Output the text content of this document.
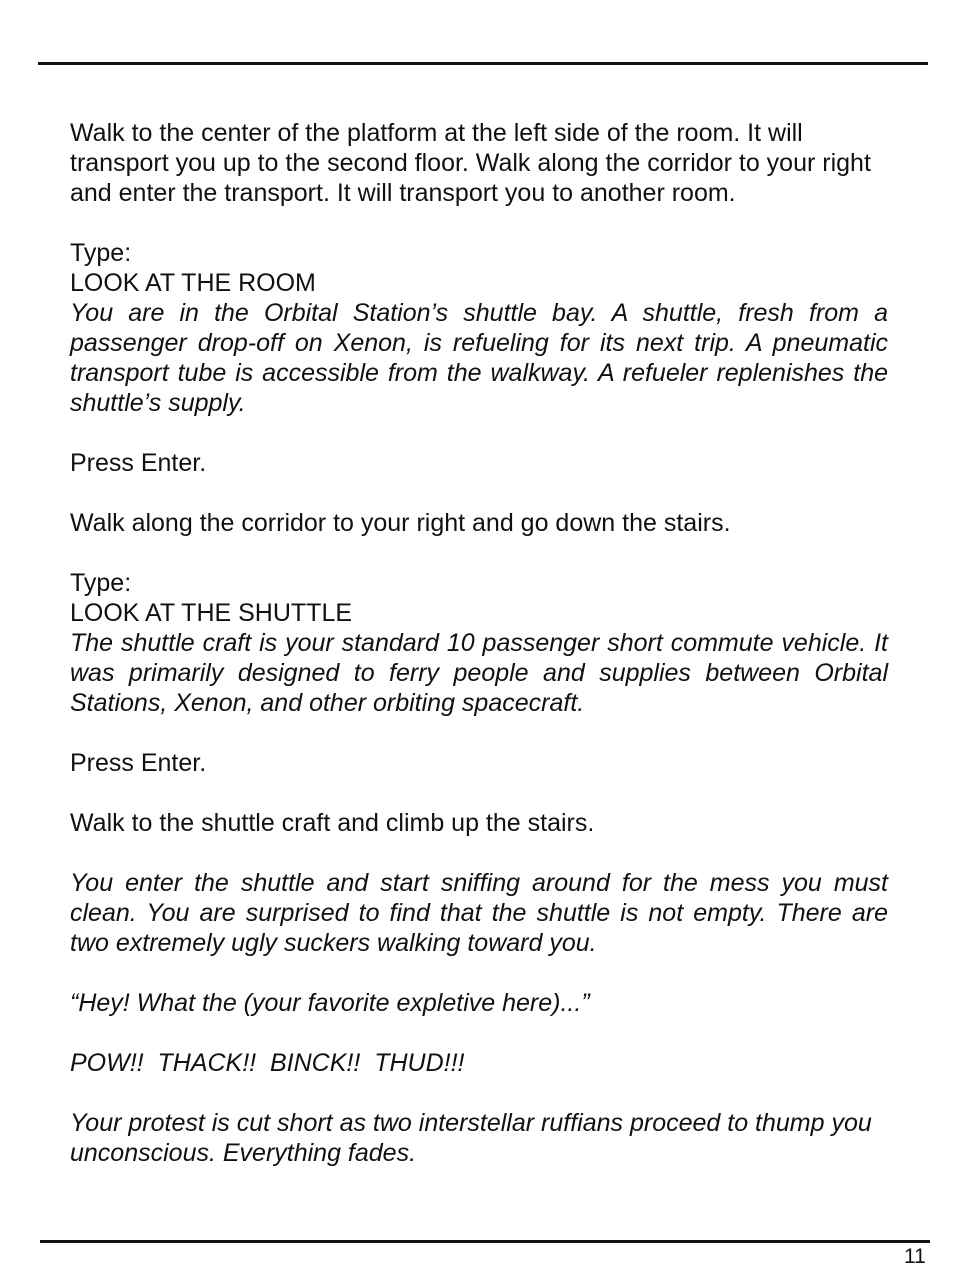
Walk to the center of the platform at the left side of the room. It will transport you up to the second floor. Walk along the corridor to your right and enter the transport. It will transport you to another room.

Type:

LOOK AT THE ROOM

You are in the Orbital Station’s shuttle bay. A shuttle, fresh from a passenger drop-off on Xenon, is refueling for its next trip. A pneumatic transport tube is accessible from the walkway. A refueler replenishes the shuttle’s supply.

Press Enter.

Walk along the corridor to your right and go down the stairs.

Type:

LOOK AT THE SHUTTLE

The shuttle craft is your standard 10 passenger short commute vehicle. It was primarily designed to ferry people and supplies between Orbital Stations, Xenon, and other orbiting spacecraft.

Press Enter.

Walk to the shuttle craft and climb up the stairs.

You enter the shuttle and start sniffing around for the mess you must clean. You are surprised to find that the shuttle is not empty. There are two extremely ugly suckers walking toward you.

“Hey! What the (your favorite expletive here)...”

POW!!  THACK!!  BINCK!!  THUD!!!

Your protest is cut short as two interstellar ruffians proceed to thump you unconscious. Everything fades.

11
